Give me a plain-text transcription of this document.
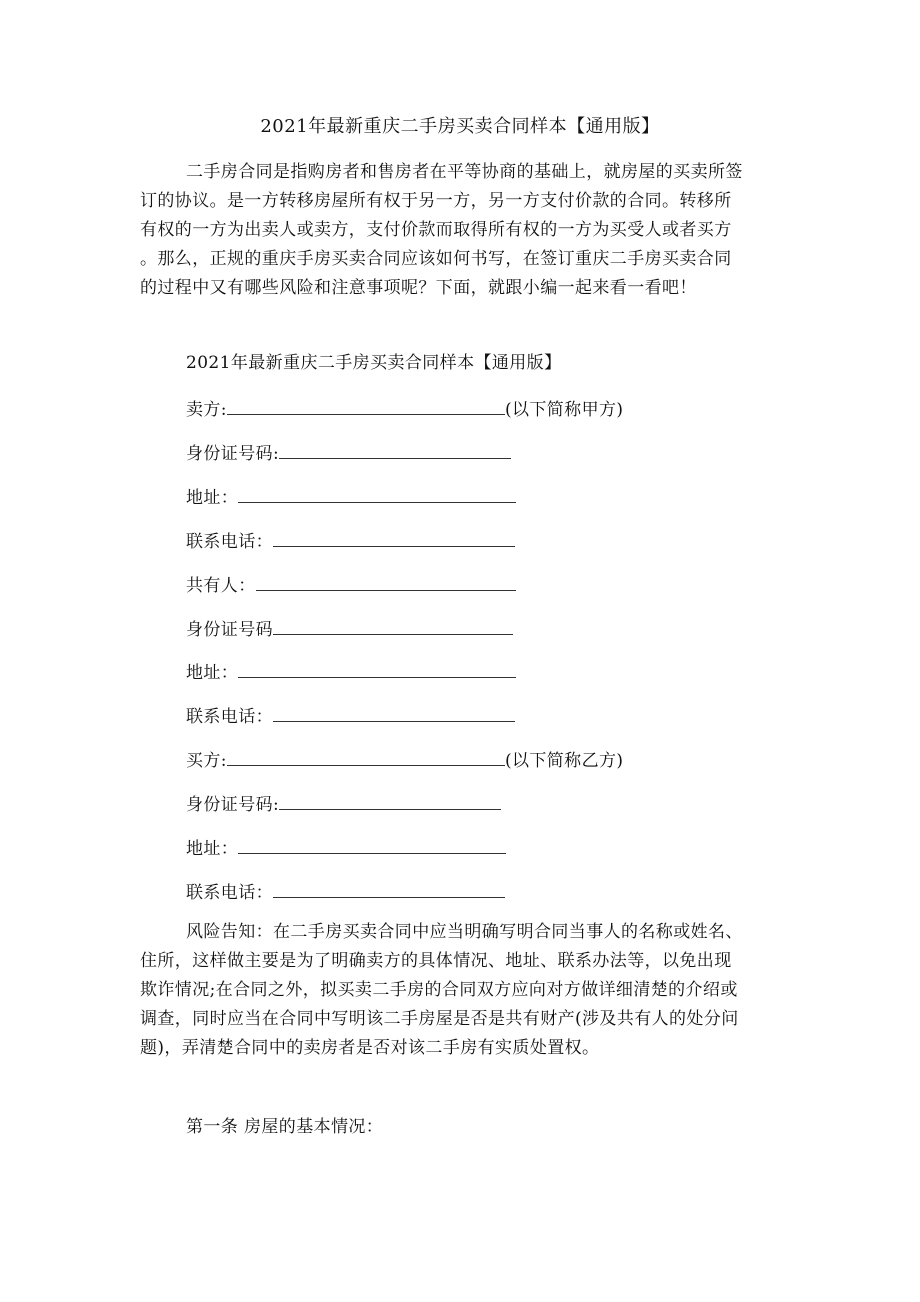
2021年最新重庆二手房买卖合同样本【通用版】
二手房合同是指购房者和售房者在平等协商的基础上，就房屋的买卖所签
订的协议。是一方转移房屋所有权于另一方，另一方支付价款的合同。转移所
有权的一方为出卖人或卖方，支付价款而取得所有权的一方为买受人或者买方
。那么，正规的重庆手房买卖合同应该如何书写，在签订重庆二手房买卖合同
的过程中又有哪些风险和注意事项呢？下面，就跟小编一起来看一看吧！
2021年最新重庆二手房买卖合同样本【通用版】
卖方:	(以下简称甲方)
身份证号码:
地址：
联系电话：
共有人：
身份证号码
地址：
联系电话：
买方:	(以下简称乙方)
身份证号码:
地址：
联系电话：
风险告知：在二手房买卖合同中应当明确写明合同当事人的名称或姓名、
住所，这样做主要是为了明确卖方的具体情况、地址、联系办法等，以免出现
欺诈情况;在合同之外，拟买卖二手房的合同双方应向对方做详细清楚的介绍或
调查，同时应当在合同中写明该二手房屋是否是共有财产(涉及共有人的处分问
题)，弄清楚合同中的卖房者是否对该二手房有实质处置权。
第一条 房屋的基本情况：
